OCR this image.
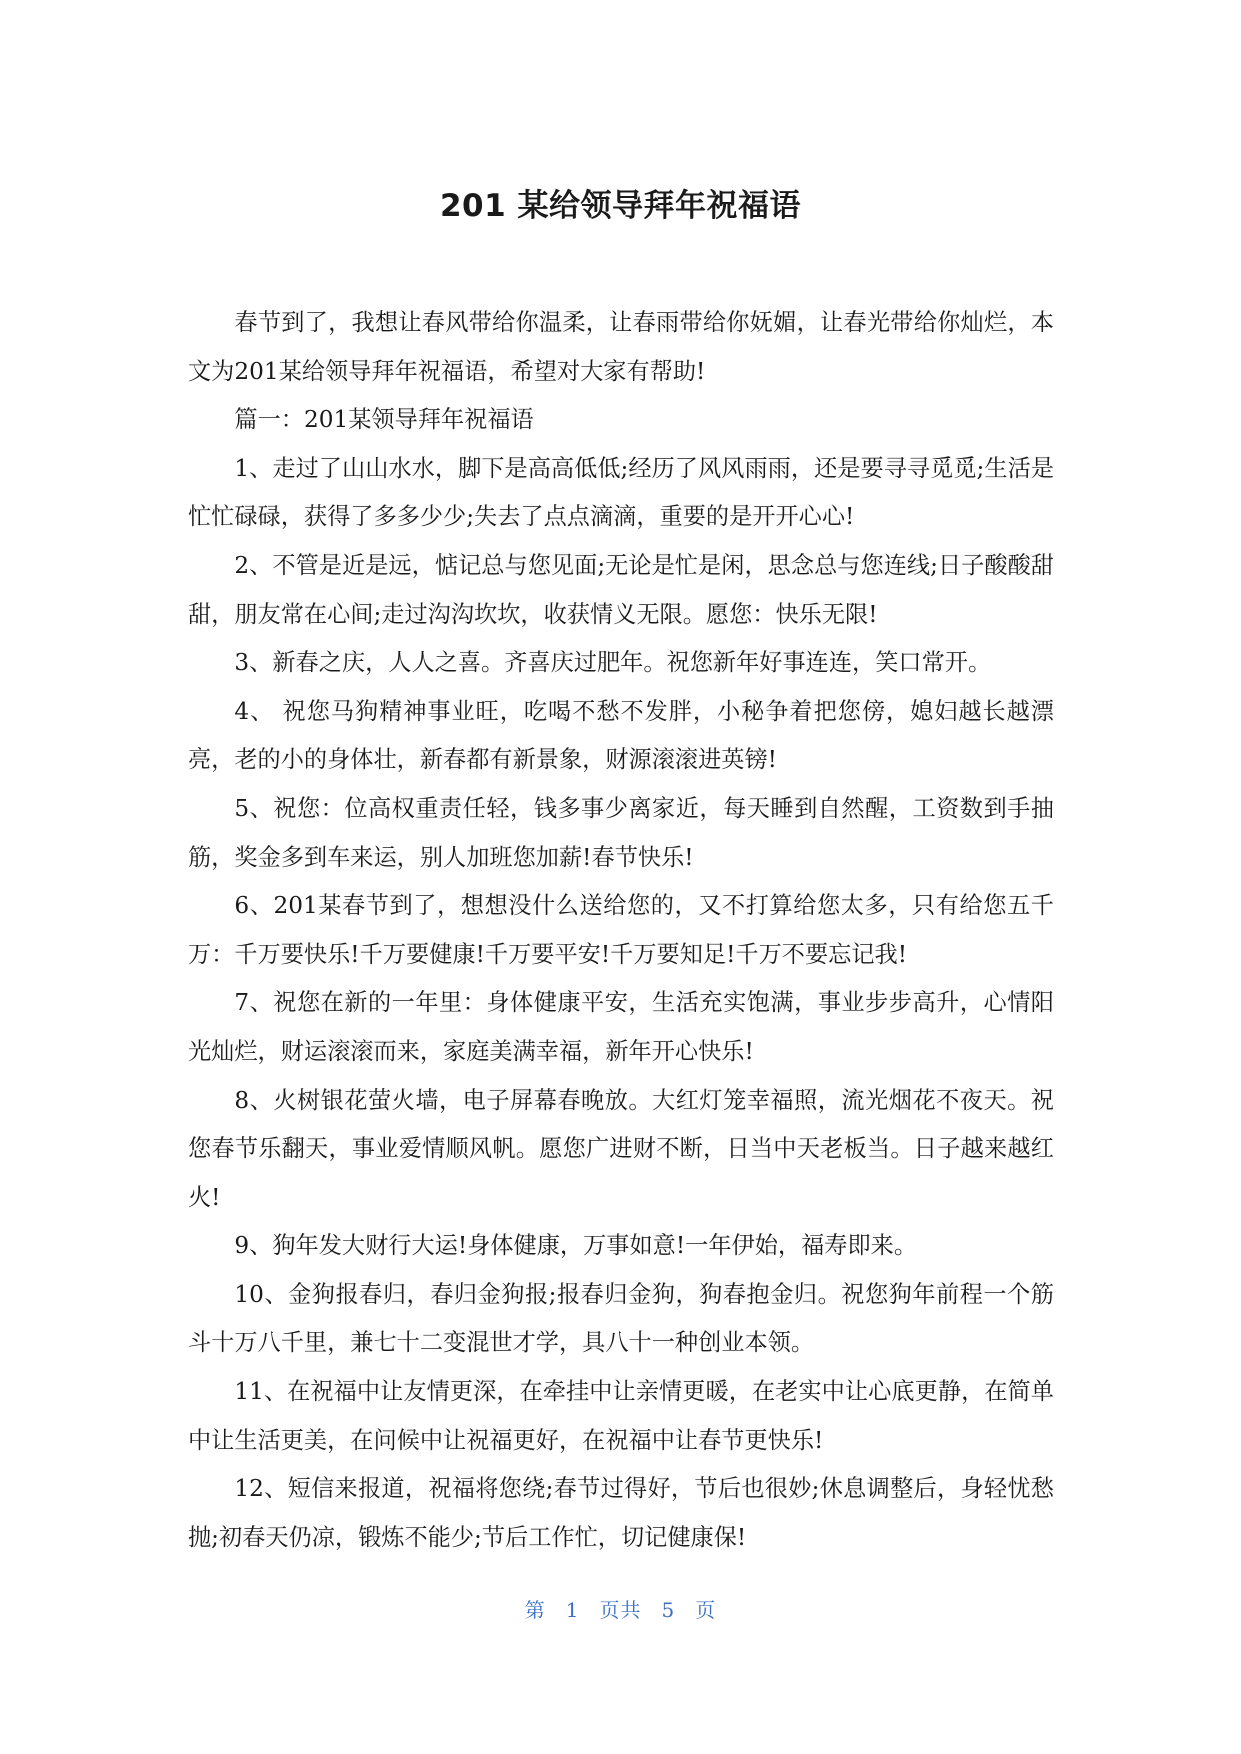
201 某给领导拜年祝福语

春节到了，我想让春风带给你温柔，让春雨带给你妩媚，让春光带给你灿烂，本文为201某给领导拜年祝福语，希望对大家有帮助!

篇一：201某领导拜年祝福语

1、走过了山山水水，脚下是高高低低;经历了风风雨雨，还是要寻寻觅觅;生活是忙忙碌碌，获得了多多少少;失去了点点滴滴，重要的是开开心心!

2、不管是近是远，惦记总与您见面;无论是忙是闲，思念总与您连线;日子酸酸甜甜，朋友常在心间;走过沟沟坎坎，收获情义无限。愿您：快乐无限!

3、新春之庆，人人之喜。齐喜庆过肥年。祝您新年好事连连，笑口常开。

4、 祝您马狗精神事业旺，吃喝不愁不发胖，小秘争着把您傍，媳妇越长越漂亮，老的小的身体壮，新春都有新景象，财源滚滚进英镑!

5、祝您：位高权重责任轻，钱多事少离家近，每天睡到自然醒，工资数到手抽筋，奖金多到车来运，别人加班您加薪!春节快乐!

6、201某春节到了，想想没什么送给您的，又不打算给您太多，只有给您五千万：千万要快乐!千万要健康!千万要平安!千万要知足!千万不要忘记我!

7、祝您在新的一年里：身体健康平安，生活充实饱满，事业步步高升，心情阳光灿烂，财运滚滚而来，家庭美满幸福，新年开心快乐!

8、火树银花萤火墙，电子屏幕春晚放。大红灯笼幸福照，流光烟花不夜天。祝您春节乐翻天，事业爱情顺风帆。愿您广进财不断，日当中天老板当。日子越来越红火!

9、狗年发大财行大运!身体健康，万事如意!一年伊始，福寿即来。

10、金狗报春归，春归金狗报;报春归金狗，狗春抱金归。祝您狗年前程一个筋斗十万八千里，兼七十二变混世才学，具八十一种创业本领。

11、在祝福中让友情更深，在牵挂中让亲情更暖，在老实中让心底更静，在简单中让生活更美，在问候中让祝福更好，在祝福中让春节更快乐!

12、短信来报道，祝福将您绕;春节过得好，节后也很妙;休息调整后，身轻忧愁抛;初春天仍凉，锻炼不能少;节后工作忙，切记健康保!

第 1 页共 5 页
